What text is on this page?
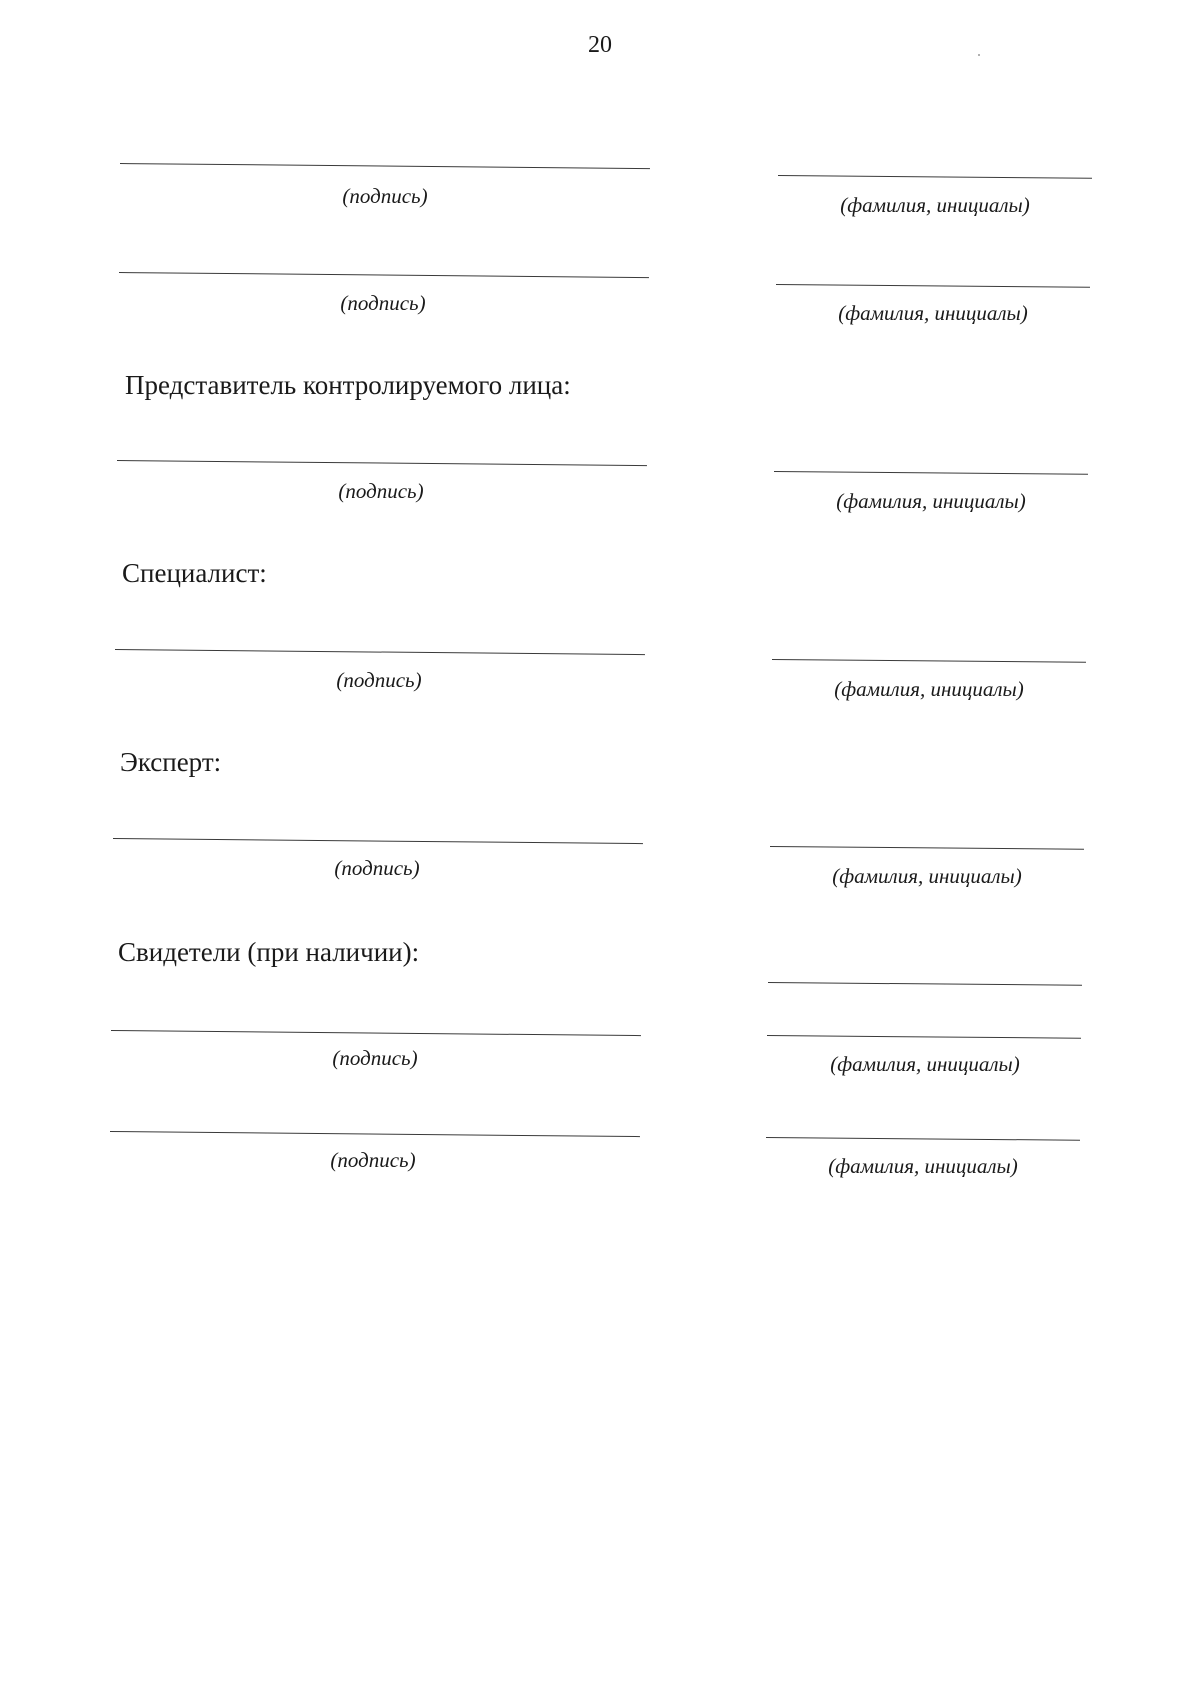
20
(подпись)	(фамилия, инициалы)
(подпись)	(фамилия, инициалы)
Представитель контролируемого лица:
(подпись)	(фамилия, инициалы)
Специалист:
(подпись)	(фамилия, инициалы)
Эксперт:
(подпись)	(фамилия, инициалы)
Свидетели (при наличии):
(подпись)	(фамилия, инициалы)
(подпись)	(фамилия, инициалы)
